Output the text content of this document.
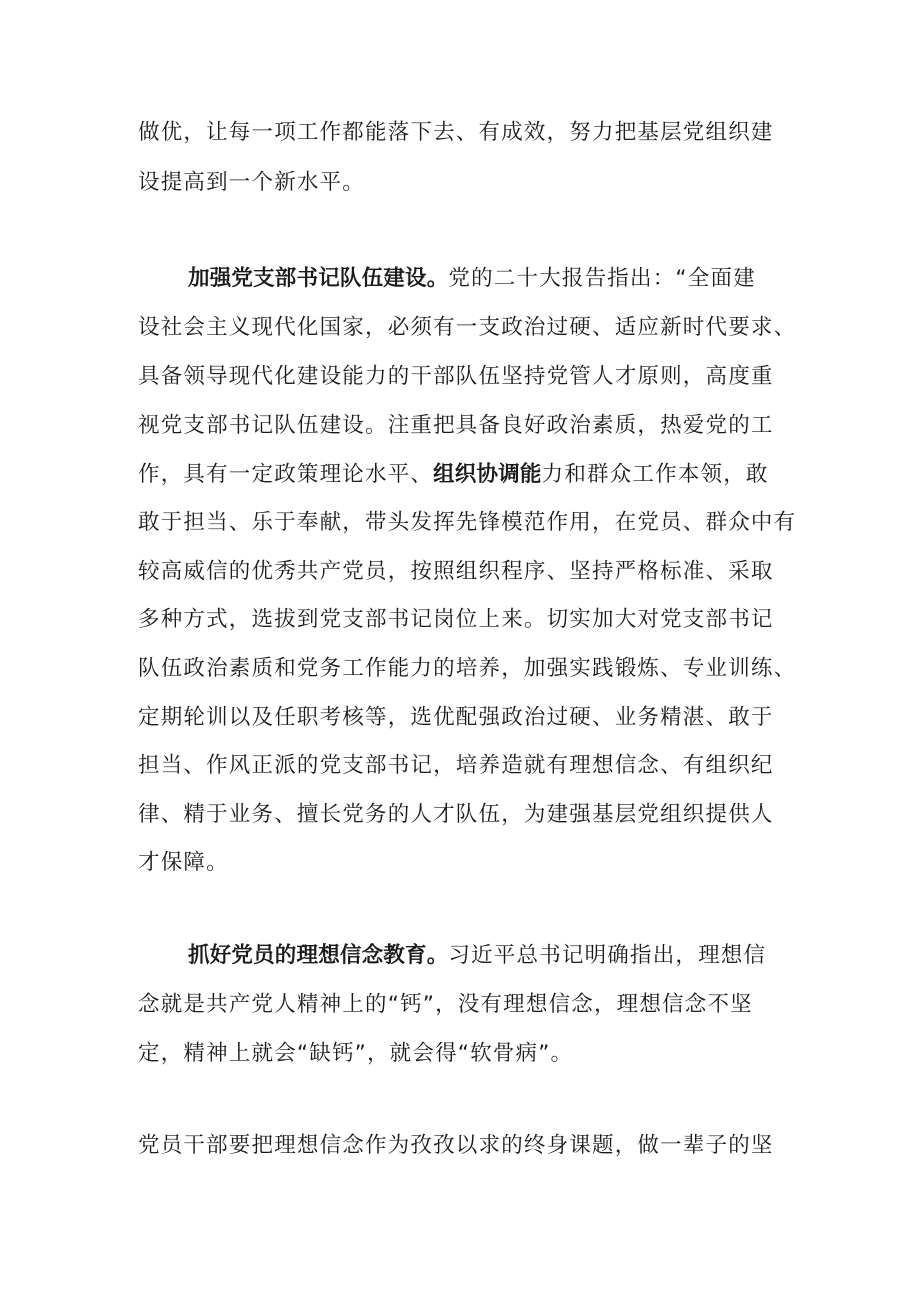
做优，让每一项工作都能落下去、有成效，努力把基层党组织建

设提高到一个新水平。

加强党支部书记队伍建设。党的二十大报告指出：“全面建

设社会主义现代化国家，必须有一支政治过硬、适应新时代要求、

具备领导现代化建设能力的干部队伍坚持党管人才原则，高度重

视党支部书记队伍建设。注重把具备良好政治素质，热爱党的工

作，具有一定政策理论水平、组织协调能力和群众工作本领，敢

敢于担当、乐于奉献，带头发挥先锋模范作用，在党员、群众中有

较高威信的优秀共产党员，按照组织程序、坚持严格标准、采取

多种方式，选拔到党支部书记岗位上来。切实加大对党支部书记

队伍政治素质和党务工作能力的培养，加强实践锻炼、专业训练、

定期轮训以及任职考核等，选优配强政治过硬、业务精湛、敢于

担当、作风正派的党支部书记，培养造就有理想信念、有组织纪

律、精于业务、擅长党务的人才队伍，为建强基层党组织提供人

才保障。

抓好党员的理想信念教育。习近平总书记明确指出，理想信

念就是共产党人精神上的“钙”，没有理想信念，理想信念不坚

定，精神上就会“缺钙”，就会得“软骨病”。

党员干部要把理想信念作为孜孜以求的终身课题，做一辈子的坚
